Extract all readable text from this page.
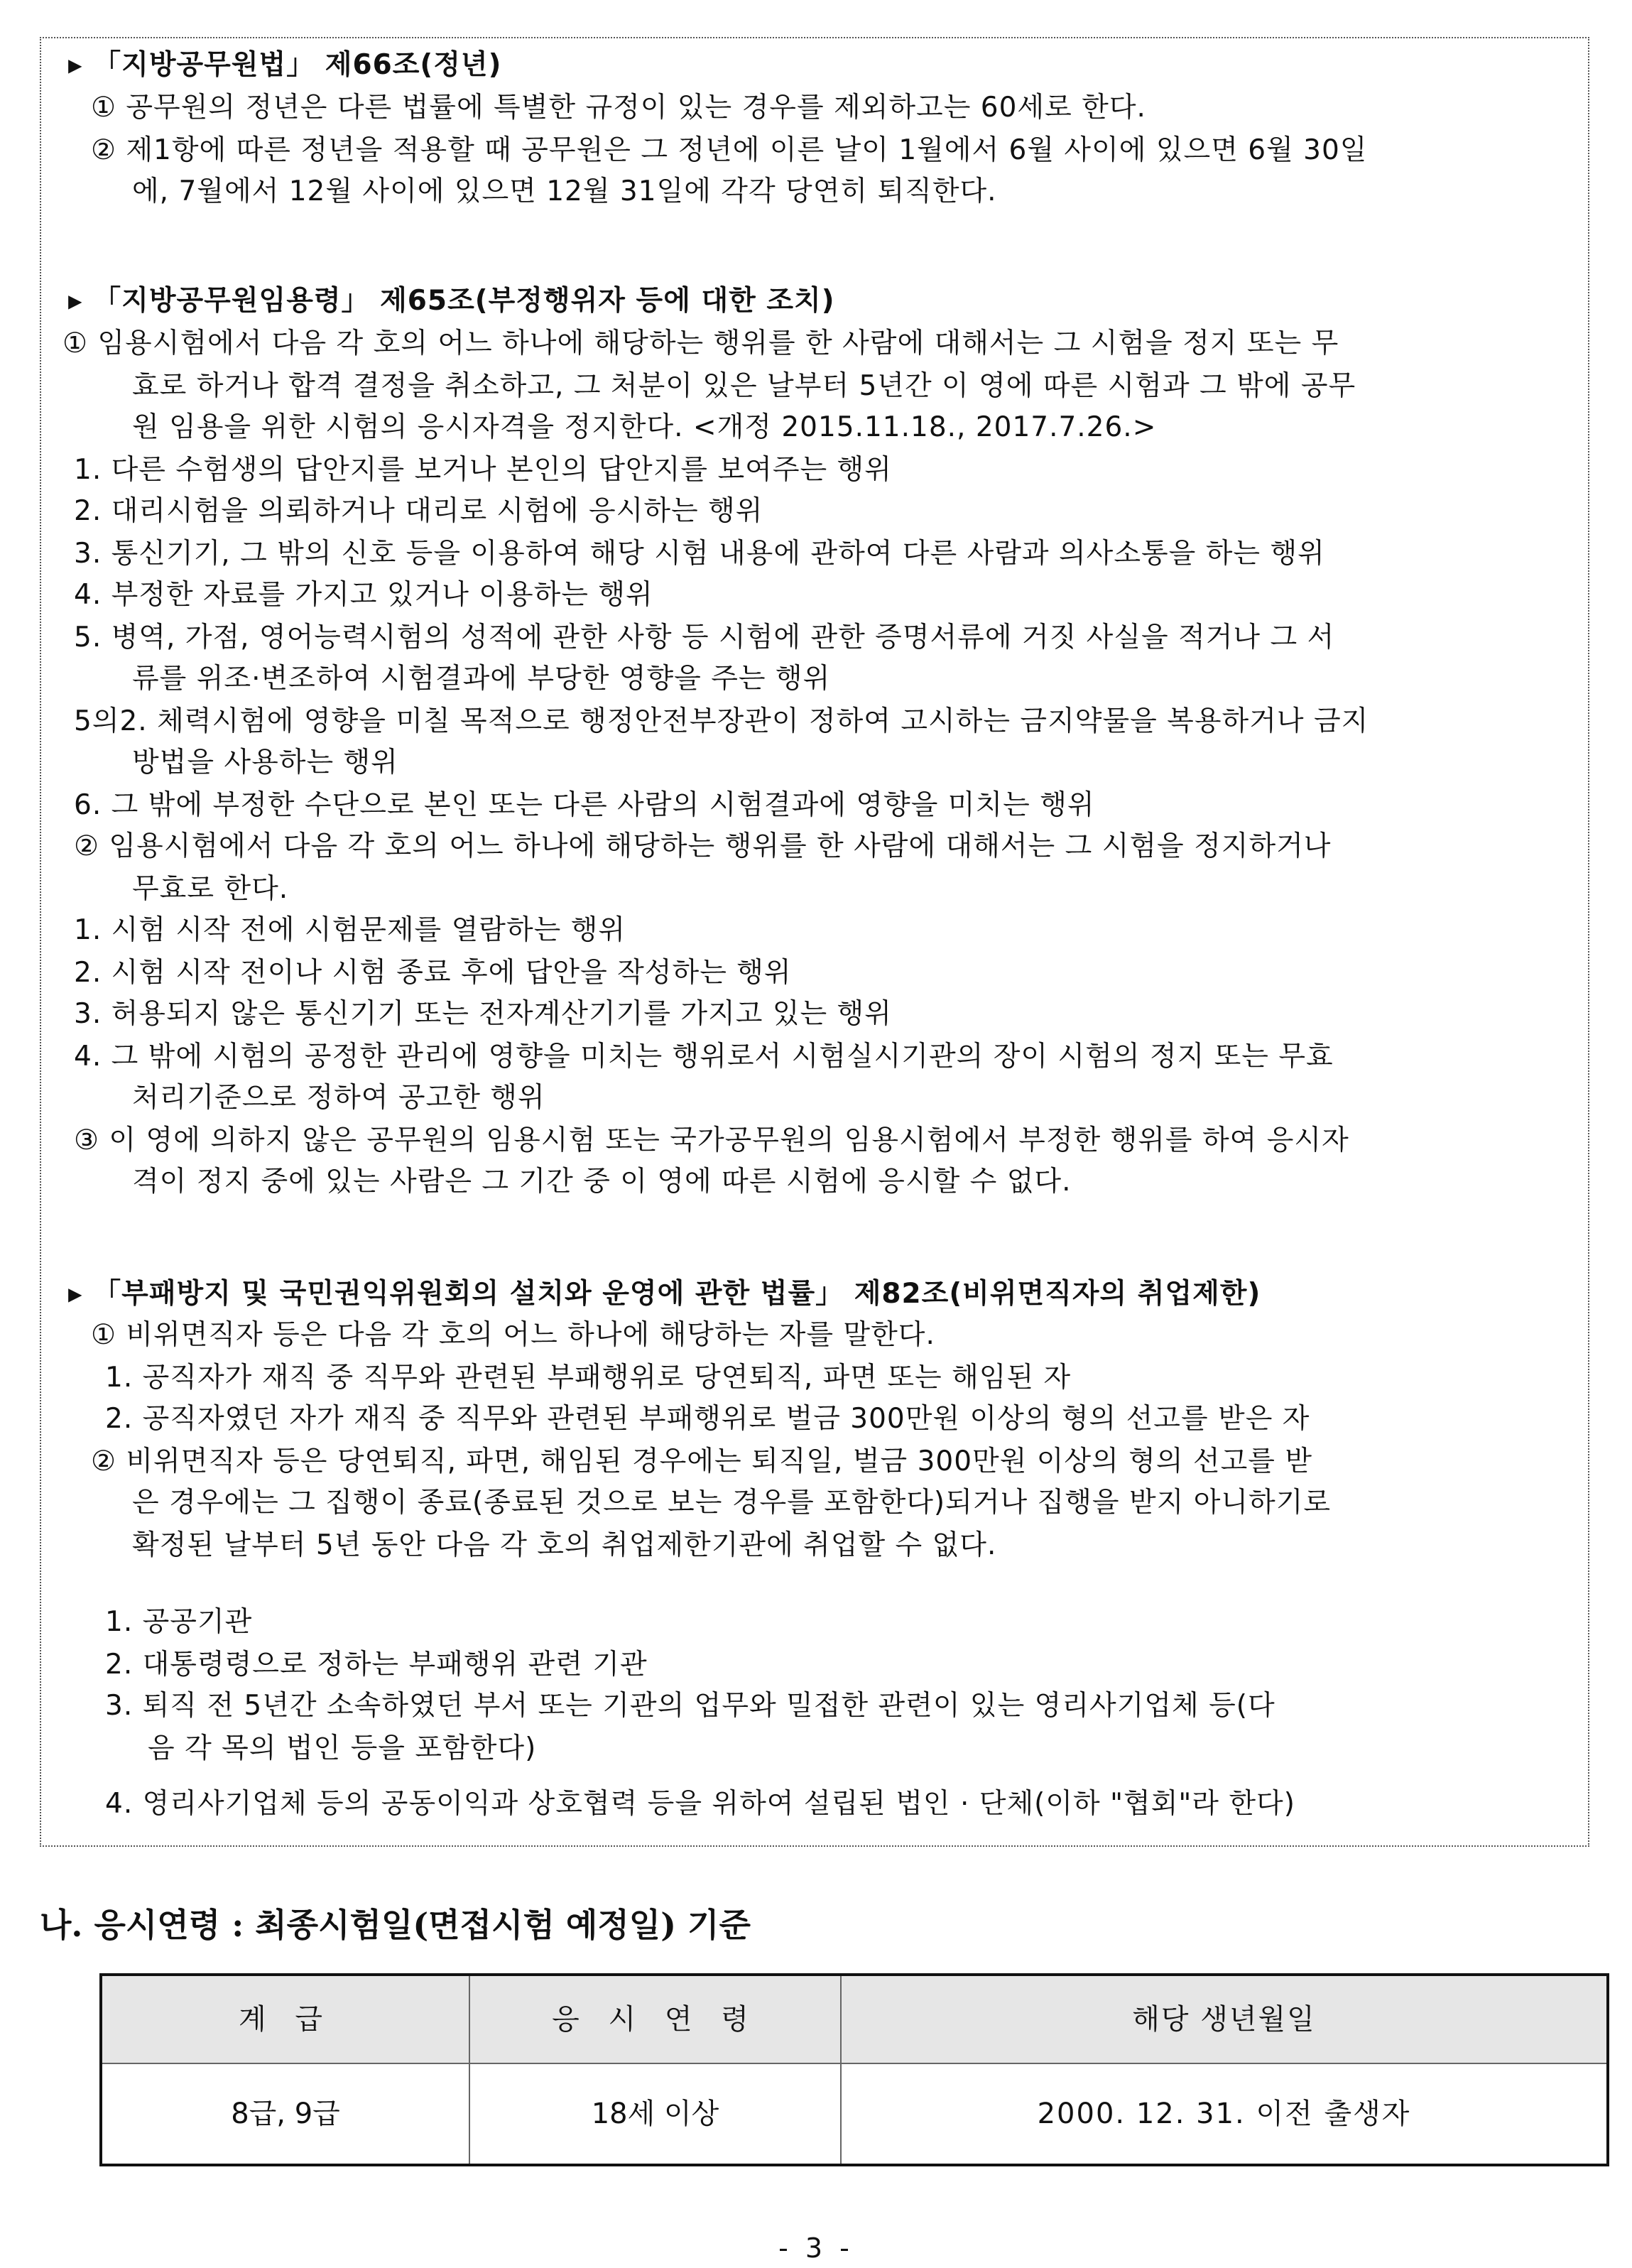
▸ 「지방공무원법」 제66조(정년)

① 공무원의 정년은 다른 법률에 특별한 규정이 있는 경우를 제외하고는 60세로 한다.

② 제1항에 따른 정년을 적용할 때 공무원은 그 정년에 이른 날이 1월에서 6월 사이에 있으면 6월 30일

에, 7월에서 12월 사이에 있으면 12월 31일에 각각 당연히 퇴직한다.

▸ 「지방공무원임용령」 제65조(부정행위자 등에 대한 조치)

① 임용시험에서 다음 각 호의 어느 하나에 해당하는 행위를 한 사람에 대해서는 그 시험을 정지 또는 무

효로 하거나 합격 결정을 취소하고, 그 처분이 있은 날부터 5년간 이 영에 따른 시험과 그 밖에 공무

원 임용을 위한 시험의 응시자격을 정지한다. <개정 2015.11.18., 2017.7.26.>

1. 다른 수험생의 답안지를 보거나 본인의 답안지를 보여주는 행위

2. 대리시험을 의뢰하거나 대리로 시험에 응시하는 행위

3. 통신기기, 그 밖의 신호 등을 이용하여 해당 시험 내용에 관하여 다른 사람과 의사소통을 하는 행위

4. 부정한 자료를 가지고 있거나 이용하는 행위

5. 병역, 가점, 영어능력시험의 성적에 관한 사항 등 시험에 관한 증명서류에 거짓 사실을 적거나 그 서

류를 위조·변조하여 시험결과에 부당한 영향을 주는 행위

5의2. 체력시험에 영향을 미칠 목적으로 행정안전부장관이 정하여 고시하는 금지약물을 복용하거나 금지

방법을 사용하는 행위

6. 그 밖에 부정한 수단으로 본인 또는 다른 사람의 시험결과에 영향을 미치는 행위

② 임용시험에서 다음 각 호의 어느 하나에 해당하는 행위를 한 사람에 대해서는 그 시험을 정지하거나

무효로 한다.

1. 시험 시작 전에 시험문제를 열람하는 행위

2. 시험 시작 전이나 시험 종료 후에 답안을 작성하는 행위

3. 허용되지 않은 통신기기 또는 전자계산기기를 가지고 있는 행위

4. 그 밖에 시험의 공정한 관리에 영향을 미치는 행위로서 시험실시기관의 장이 시험의 정지 또는 무효

처리기준으로 정하여 공고한 행위

③ 이 영에 의하지 않은 공무원의 임용시험 또는 국가공무원의 임용시험에서 부정한 행위를 하여 응시자

격이 정지 중에 있는 사람은 그 기간 중 이 영에 따른 시험에 응시할 수 없다.

▸ 「부패방지 및 국민권익위원회의 설치와 운영에 관한 법률」 제82조(비위면직자의 취업제한)

① 비위면직자 등은 다음 각 호의 어느 하나에 해당하는 자를 말한다.

1. 공직자가 재직 중 직무와 관련된 부패행위로 당연퇴직, 파면 또는 해임된 자

2. 공직자였던 자가 재직 중 직무와 관련된 부패행위로 벌금 300만원 이상의 형의 선고를 받은 자

② 비위면직자 등은 당연퇴직, 파면, 해임된 경우에는 퇴직일, 벌금 300만원 이상의 형의 선고를 받

은 경우에는 그 집행이 종료(종료된 것으로 보는 경우를 포함한다)되거나 집행을 받지 아니하기로

확정된 날부터 5년 동안 다음 각 호의 취업제한기관에 취업할 수 없다.

1. 공공기관

2. 대통령령으로 정하는 부패행위 관련 기관

3. 퇴직 전 5년간 소속하였던 부서 또는 기관의 업무와 밀접한 관련이 있는 영리사기업체 등(다

음 각 목의 법인 등을 포함한다)

4. 영리사기업체 등의 공동이익과 상호협력 등을 위하여 설립된 법인 · 단체(이하 "협회"라 한다)

나. 응시연령 : 최종시험일(면접시험 예정일) 기준
계 급	응 시 연 령	해당 생년월일
8급, 9급	18세 이상	2000. 12. 31. 이전 출생자

- 3 -
